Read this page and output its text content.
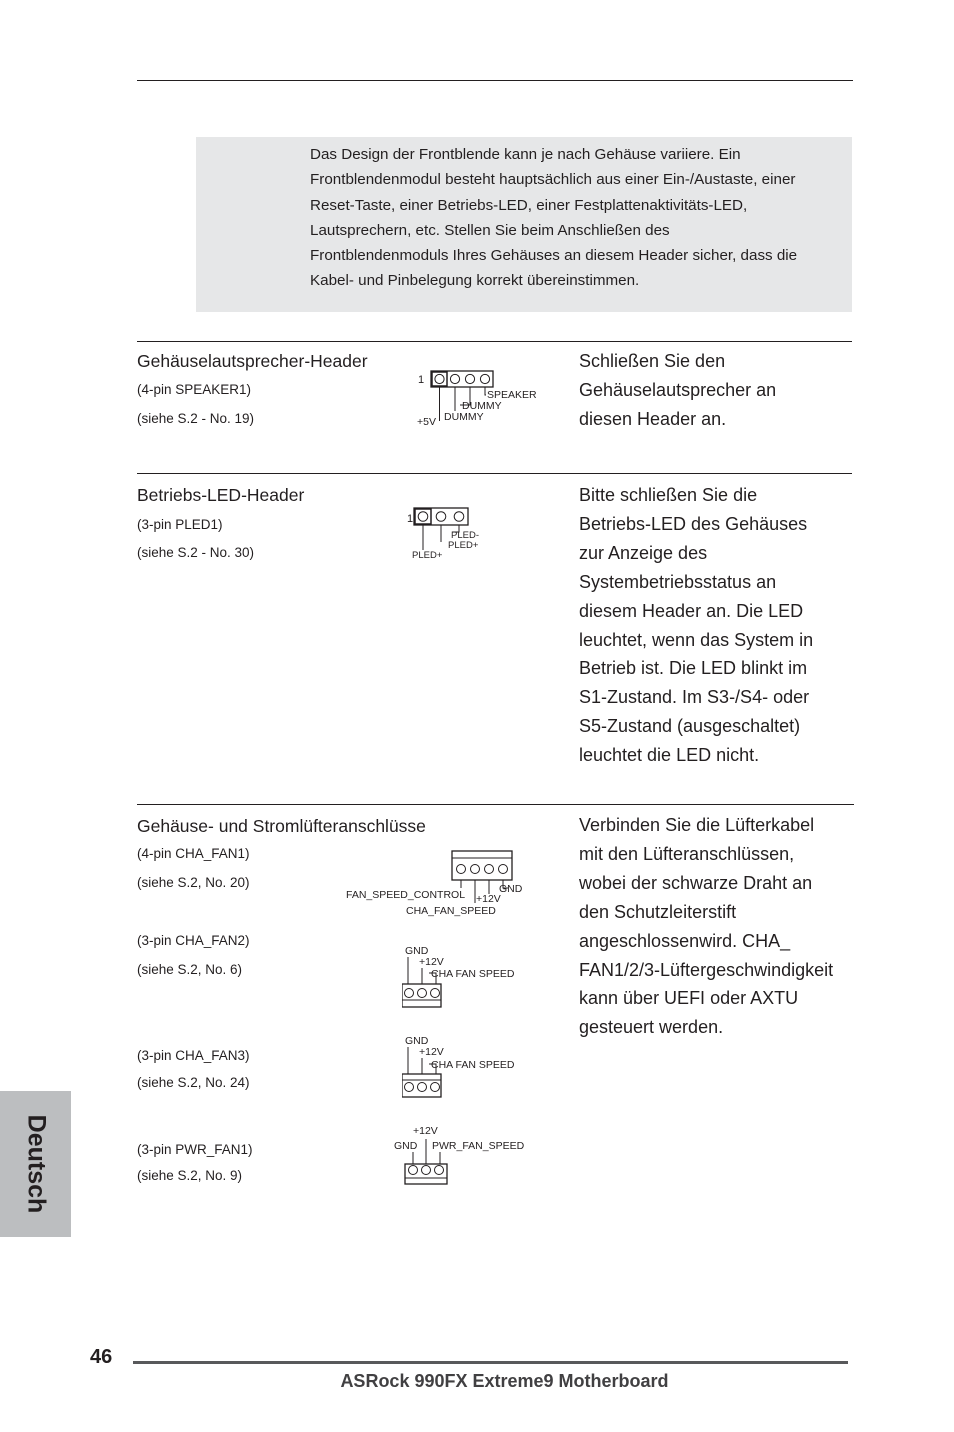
Das Design der Frontblende kann je nach Gehäuse variiere. Ein
Frontblendenmodul besteht hauptsächlich aus einer Ein-/Austaste, einer
Reset-Taste, einer Betriebs-LED, einer Festplattenaktivitäts-LED,
Lautsprechern, etc. Stellen Sie beim Anschließen des
Frontblendenmoduls Ihres Gehäuses an diesem Header sicher, dass die
Kabel- und Pinbelegung korrekt übereinstimmen.
Gehäuselautsprecher-Header
(4-pin SPEAKER1)
(siehe S.2 - No. 19)
1
SPEAKER
DUMMY
+5V DUMMY
Schließen Sie den
Gehäuselautsprecher an
diesen Header an.
Betriebs-LED-Header
(3-pin PLED1)
(siehe S.2 - No. 30)
1
PLED-
PLED+
PLED+
Bitte schließen Sie die
Betriebs-LED des Gehäuses
zur Anzeige des
Systembetriebsstatus an
diesem Header an. Die LED
leuchtet, wenn das System in
Betrieb ist. Die LED blinkt im
S1-Zustand. Im S3-/S4- oder
S5-Zustand (ausgeschaltet)
leuchtet die LED nicht.
Gehäuse- und Stromlüfteranschlüsse
(4-pin CHA_FAN1)
(siehe S.2, No. 20)
FAN_SPEED_CONTROL +12V
GND
CHA_FAN_SPEED
(3-pin CHA_FAN2)
(siehe S.2, No. 6)
GND
+12V
CHA FAN SPEED
(3-pin CHA_FAN3)
(siehe S.2, No. 24)
GND
+12V
CHA FAN SPEED
(3-pin PWR_FAN1)
(siehe S.2, No. 9)
+12V
GND PWR_FAN_SPEED
Verbinden Sie die Lüfterkabel
mit den Lüfteranschlüssen,
wobei der schwarze Draht an
den Schutzleiterstift
angeschlossenwird. CHA_
FAN1/2/3-Lüftergeschwindigkeit
kann über UEFI oder AXTU
gesteuert werden.
Deutsch
46
ASRock 990FX Extreme9 Motherboard
